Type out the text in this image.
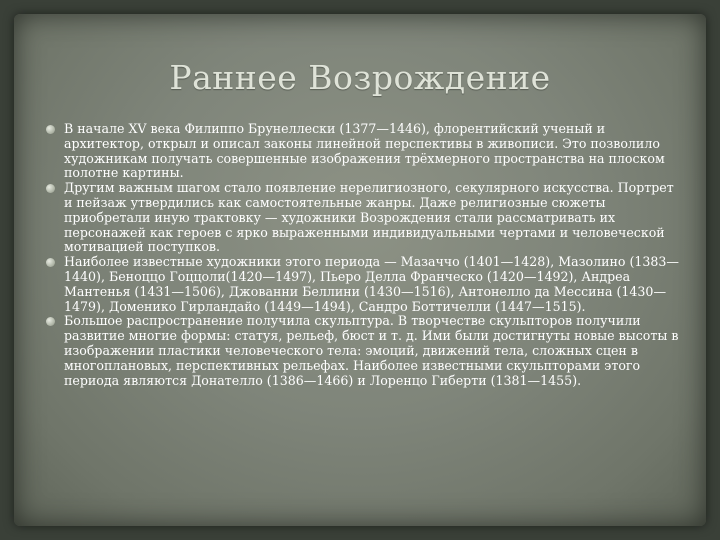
Раннее Возрождение
В начале XV века Филиппо Брунеллески (1377—1446), флорентийский ученый и архитектор, открыл и описал законы линейной перспективы в живописи. Это позволило художникам получать совершенные изображения трёхмерного пространства на плоском полотне картины.
Другим важным шагом стало появление нерелигиозного, секулярного искусства. Портрет и пейзаж утвердились как самостоятельные жанры. Даже религиозные сюжеты приобретали иную трактовку — художники Возрождения стали рассматривать их персонажей как героев с ярко выраженными индивидуальными чертами и человеческой мотивацией поступков.
Наиболее известные художники этого периода — Мазаччо (1401—1428), Мазолино (1383—1440), Беноццо Гоццоли(1420—1497), Пьеро Делла Франческо (1420—1492), Андреа Мантенья (1431—1506), Джованни Беллини (1430—1516), Антонелло да Мессина (1430—1479), Доменико Гирландайо (1449—1494), Сандро Боттичелли (1447—1515).
Большое распространение получила скульптура. В творчестве скульпторов получили развитие многие формы: статуя, рельеф, бюст и т. д. Ими были достигнуты новые высоты в изображении пластики человеческого тела: эмоций, движений тела, сложных сцен в многоплановых, перспективных рельефах. Наиболее известными скульпторами этого периода являются Донателло (1386—1466) и Лоренцо Гиберти (1381—1455).
